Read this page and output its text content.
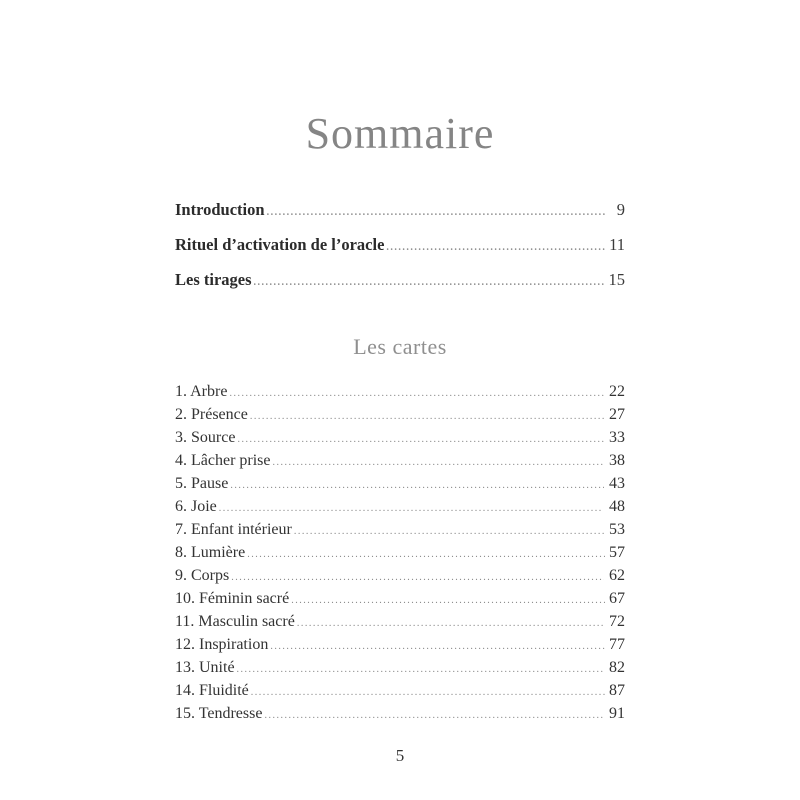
Sommaire
Introduction .....	9
Rituel d’activation de l’oracle .....	11
Les tirages .....	15
Les cartes
1. Arbre .....	22
2. Présence .....	27
3. Source .....	33
4. Lâcher prise .....	38
5. Pause .....	43
6. Joie .....	48
7. Enfant intérieur .....	53
8. Lumière .....	57
9. Corps .....	62
10. Féminin sacré .....	67
11. Masculin sacré .....	72
12. Inspiration .....	77
13. Unité .....	82
14. Fluidité .....	87
15. Tendresse .....	91
5
